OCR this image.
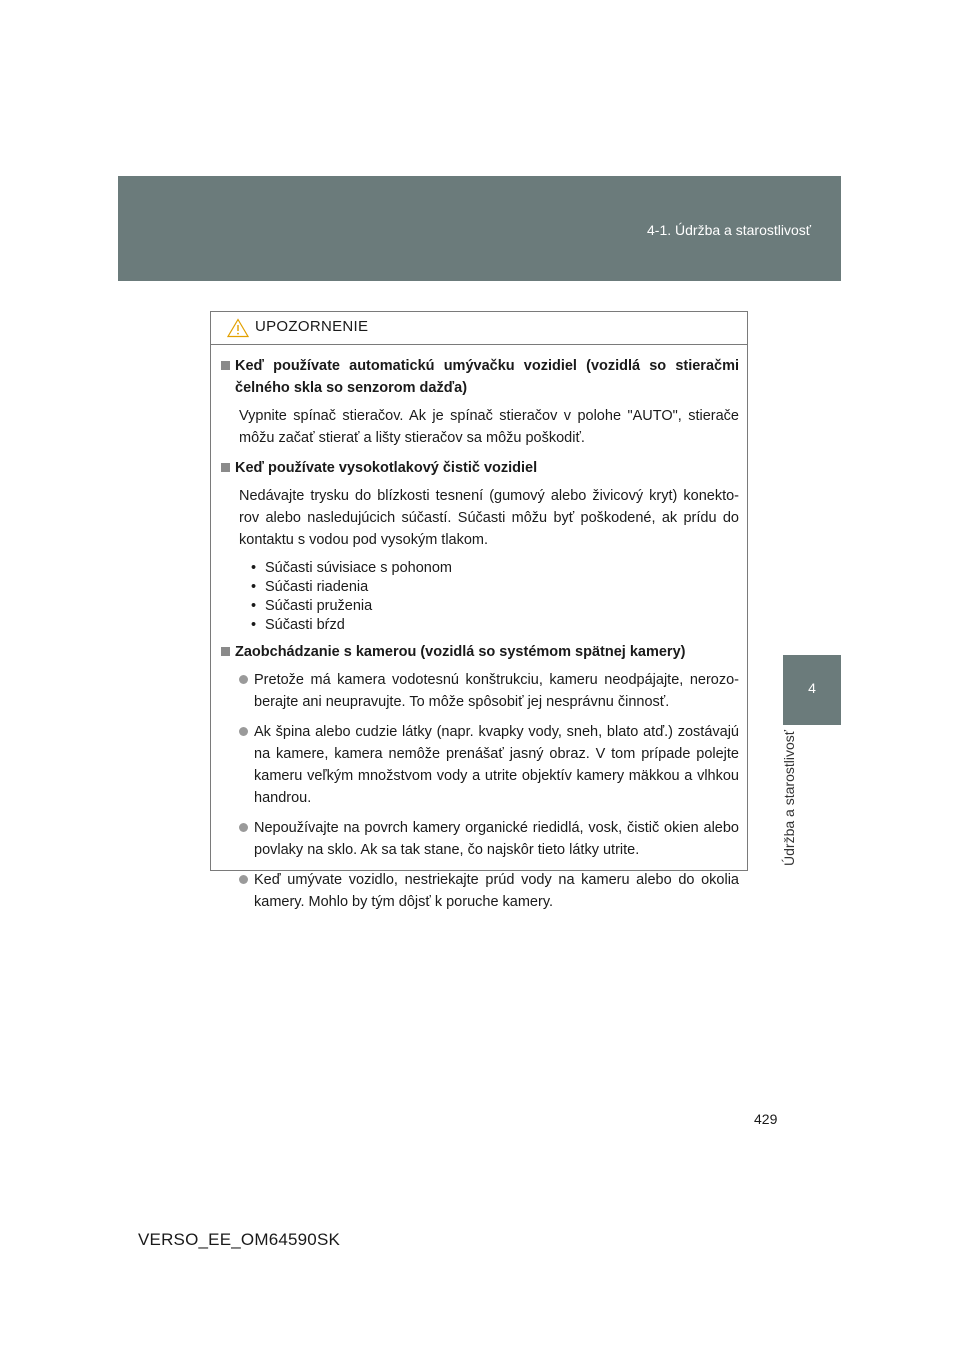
4-1. Údržba a starostlivosť
4
Údržba a starostlivosť
UPOZORNENIE
Keď používate automatickú umývačku vozidiel (vozidlá so stieračmi čelného skla so senzorom dažďa)

Vypnite spínač stieračov. Ak je spínač stieračov v polohe "AUTO", stierače môžu začať stierať a lišty stieračov sa môžu poškodiť.

Keď používate vysokotlakový čistič vozidiel

Nedávajte trysku do blízkosti tesnení (gumový alebo živicový kryt) konekto-rov alebo nasledujúcich súčastí. Súčasti môžu byť poškodené, ak prídu do kontaktu s vodou pod vysokým tlakom.

• Súčasti súvisiace s pohonom
• Súčasti riadenia
• Súčasti pruženia
• Súčasti bŕzd
Zaobchádzanie s kamerou (vozidlá so systémom spätnej kamery)
Pretože má kamera vodotesnú konštrukciu, kameru neodpájajte, nerozo-berajte ani neupravujte. To môže spôsobiť jej nesprávnu činnosť.
Ak špina alebo cudzie látky (napr. kvapky vody, sneh, blato atď.) zostávajú na kamere, kamera nemôže prenášať jasný obraz. V tom prípade polejte kameru veľkým množstvom vody a utrite objektív kamery mäkkou a vlhkou handrou.
Nepoužívajte na povrch kamery organické riedidlá, vosk, čistič okien alebo povlaky na sklo. Ak sa tak stane, čo najskôr tieto látky utrite.
Keď umývate vozidlo, nestriekajte prúd vody na kameru alebo do okolia kamery. Mohlo by tým dôjsť k poruche kamery.
429
VERSO_EE_OM64590SK
